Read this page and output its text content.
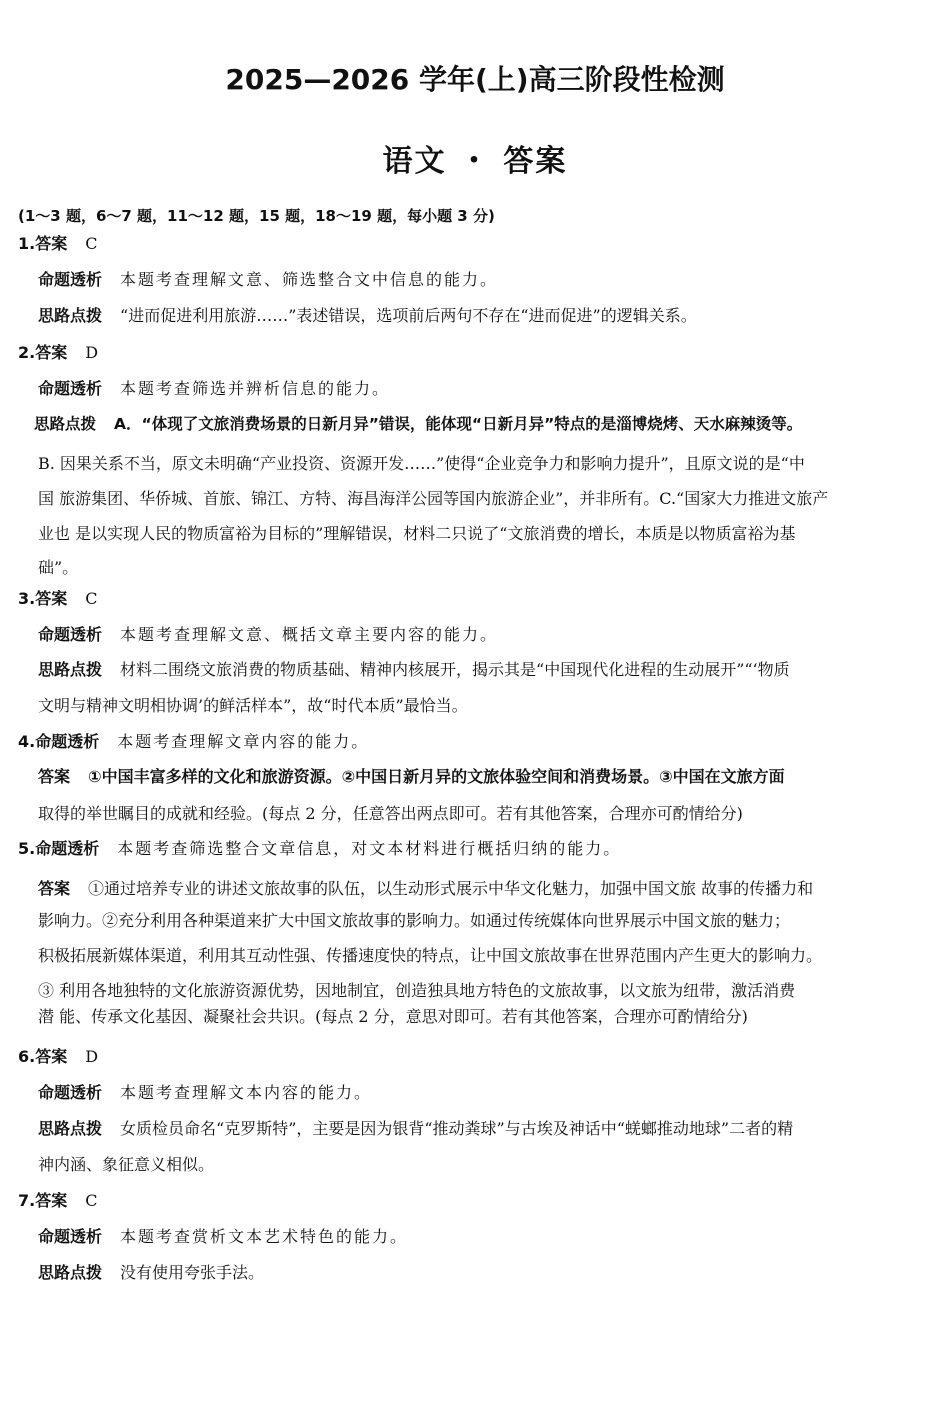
2025—2026 学年(上)高三阶段性检测
语文 ・ 答案
(1～3 题，6～7 题，11～12 题，15 题，18～19 题，每小题 3 分)
1.答案 C
命题透析 本题考查理解文意、筛选整合文中信息的能力。
思路点拨 “进而促进利用旅游……”表述错误，选项前后两句不存在“进而促进”的逻辑关系。
2.答案 D
命题透析 本题考查筛选并辨析信息的能力。
思路点拨 A．“体现了文旅消费场景的日新月异”错误，能体现“日新月异”特点的是淄博烧烤、天水麻辣烫等。
B. 因果关系不当，原文未明确“产业投资、资源开发……”使得“企业竞争力和影响力提升”，且原文说的是“中
国 旅游集团、华侨城、首旅、锦江、方特、海昌海洋公园等国内旅游企业”，并非所有。C.“国家大力推进文旅产
业也 是以实现人民的物质富裕为目标的”理解错误，材料二只说了“文旅消费的增长，本质是以物质富裕为基
础”。
3.答案 C
命题透析 本题考查理解文意、概括文章主要内容的能力。
思路点拨 材料二围绕文旅消费的物质基础、精神内核展开，揭示其是“中国现代化进程的生动展开”“‘物质
文明与精神文明相协调’的鲜活样本”，故“时代本质”最恰当。
4.命题透析 本题考查理解文章内容的能力。
答案 ①中国丰富多样的文化和旅游资源。②中国日新月异的文旅体验空间和消费场景。③中国在文旅方面
取得的举世瞩目的成就和经验。(每点 2 分，任意答出两点即可。若有其他答案，合理亦可酌情给分)
5.命题透析 本题考查筛选整合文章信息，对文本材料进行概括归纳的能力。
答案 ①通过培养专业的讲述文旅故事的队伍，以生动形式展示中华文化魅力，加强中国文旅 故事的传播力和
影响力。②充分利用各种渠道来扩大中国文旅故事的影响力。如通过传统媒体向世界展示中国文旅的魅力；
积极拓展新媒体渠道，利用其互动性强、传播速度快的特点，让中国文旅故事在世界范围内产生更大的影响力。
③ 利用各地独特的文化旅游资源优势，因地制宜，创造独具地方特色的文旅故事，以文旅为纽带，激活消费
潜 能、传承文化基因、凝聚社会共识。(每点 2 分，意思对即可。若有其他答案，合理亦可酌情给分)
6.答案 D
命题透析 本题考查理解文本内容的能力。
思路点拨 女质检员命名“克罗斯特”，主要是因为银背“推动粪球”与古埃及神话中“蜣螂推动地球”二者的精
神内涵、象征意义相似。
7.答案 C
命题透析 本题考查赏析文本艺术特色的能力。
思路点拨 没有使用夸张手法。
